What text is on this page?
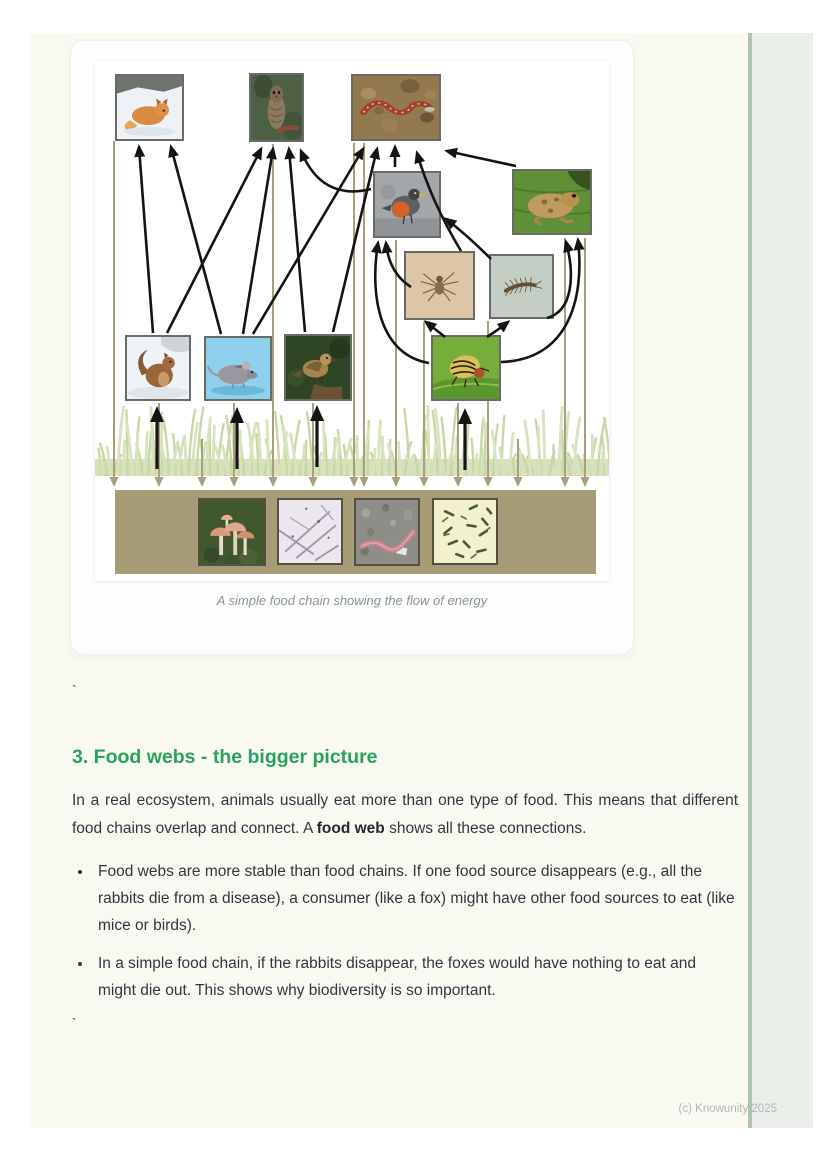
A simple food chain showing the flow of energy
`
3. Food webs - the bigger picture

In a real ecosystem, animals usually eat more than one type of food. This means that different food chains overlap and connect. A food web shows all these connections.

• Food webs are more stable than food chains. If one food source disappears (e.g., all the rabbits die from a disease), a consumer (like a fox) might have other food sources to eat (like mice or birds).
• In a simple food chain, if the rabbits disappear, the foxes would have nothing to eat and might die out. This shows why biodiversity is so important.
`
(c) Knowunity 2025
